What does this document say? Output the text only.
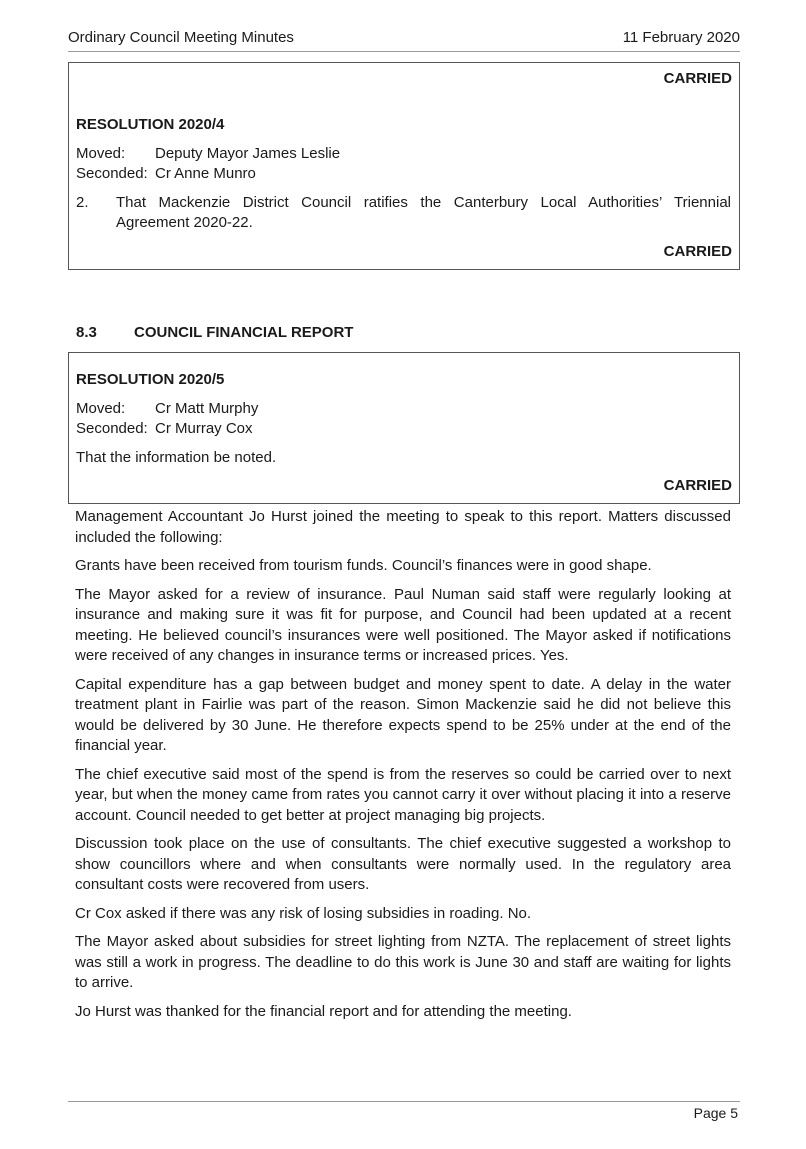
Ordinary Council Meeting Minutes	11 February 2020
CARRIED
RESOLUTION 2020/4
Moved: Deputy Mayor James Leslie
Seconded: Cr Anne Munro
2. That Mackenzie District Council ratifies the Canterbury Local Authorities’ Triennial Agreement 2020-22.
CARRIED
8.3 COUNCIL FINANCIAL REPORT
RESOLUTION 2020/5
Moved: Cr Matt Murphy
Seconded: Cr Murray Cox
That the information be noted.
CARRIED

Management Accountant Jo Hurst joined the meeting to speak to this report. Matters discussed included the following:

Grants have been received from tourism funds. Council’s finances were in good shape.

The Mayor asked for a review of insurance. Paul Numan said staff were regularly looking at insurance and making sure it was fit for purpose, and Council had been updated at a recent meeting. He believed council’s insurances were well positioned. The Mayor asked if notifications were received of any changes in insurance terms or increased prices. Yes.

Capital expenditure has a gap between budget and money spent to date. A delay in the water treatment plant in Fairlie was part of the reason. Simon Mackenzie said he did not believe this would be delivered by 30 June. He therefore expects spend to be 25% under at the end of the financial year.

The chief executive said most of the spend is from the reserves so could be carried over to next year, but when the money came from rates you cannot carry it over without placing it into a reserve account. Council needed to get better at project managing big projects.

Discussion took place on the use of consultants. The chief executive suggested a workshop to show councillors where and when consultants were normally used. In the regulatory area consultant costs were recovered from users.

Cr Cox asked if there was any risk of losing subsidies in roading. No.

The Mayor asked about subsidies for street lighting from NZTA. The replacement of street lights was still a work in progress. The deadline to do this work is June 30 and staff are waiting for lights to arrive.

Jo Hurst was thanked for the financial report and for attending the meeting.

Page 5
